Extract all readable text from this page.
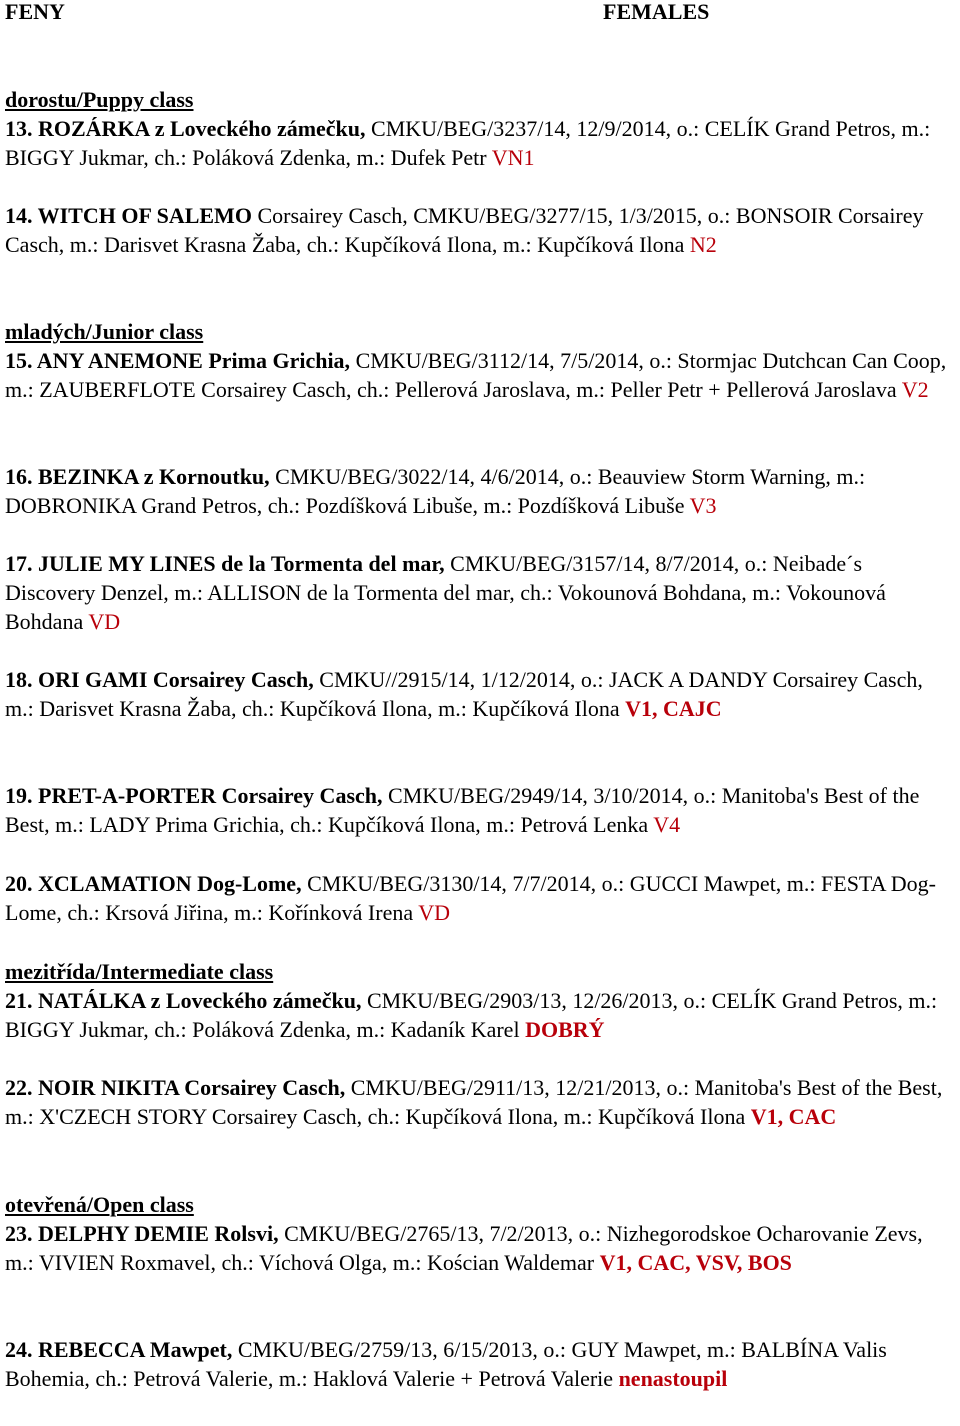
FENY	FEMALES
dorostu/Puppy class
13. ROZÁRKA z Loveckého zámečku, CMKU/BEG/3237/14, 12/9/2014, o.: CELÍK Grand Petros, m.: BIGGY Jukmar, ch.: Poláková Zdenka, m.: Dufek Petr VN1
14. WITCH OF SALEMO Corsairey Casch, CMKU/BEG/3277/15, 1/3/2015, o.: BONSOIR Corsairey Casch, m.: Darisvet Krasna Žaba, ch.: Kupčíková Ilona, m.: Kupčíková Ilona N2
mladých/Junior class
15. ANY ANEMONE Prima Grichia, CMKU/BEG/3112/14, 7/5/2014, o.: Stormjac Dutchcan Can Coop, m.: ZAUBERFLOTE Corsairey Casch, ch.: Pellerová Jaroslava, m.: Peller Petr + Pellerová Jaroslava V2
16. BEZINKA z Kornoutku, CMKU/BEG/3022/14, 4/6/2014, o.: Beauview Storm Warning, m.: DOBRONIKA Grand Petros, ch.: Pozdíšková Libuše, m.: Pozdíšková Libuše V3
17. JULIE MY LINES de la Tormenta del mar, CMKU/BEG/3157/14, 8/7/2014, o.: Neibade´s Discovery Denzel, m.: ALLISON de la Tormenta del mar, ch.: Vokounová Bohdana, m.: Vokounová Bohdana VD
18. ORI GAMI Corsairey Casch, CMKU//2915/14, 1/12/2014, o.: JACK A DANDY Corsairey Casch, m.: Darisvet Krasna Žaba, ch.: Kupčíková Ilona, m.: Kupčíková Ilona V1, CAJC
19. PRET-A-PORTER Corsairey Casch, CMKU/BEG/2949/14, 3/10/2014, o.: Manitoba's Best of the Best, m.: LADY Prima Grichia, ch.: Kupčíková Ilona, m.: Petrová Lenka V4
20. XCLAMATION Dog-Lome, CMKU/BEG/3130/14, 7/7/2014, o.: GUCCI Mawpet, m.: FESTA Dog-Lome, ch.: Krsová Jiřina, m.: Kořínková Irena VD
mezitřída/Intermediate class
21. NATÁLKA z Loveckého zámečku, CMKU/BEG/2903/13, 12/26/2013, o.: CELÍK Grand Petros, m.: BIGGY Jukmar, ch.: Poláková Zdenka, m.: Kadaník Karel DOBRÝ
22. NOIR NIKITA Corsairey Casch, CMKU/BEG/2911/13, 12/21/2013, o.: Manitoba's Best of the Best, m.: X'CZECH STORY Corsairey Casch, ch.: Kupčíková Ilona, m.: Kupčíková Ilona V1, CAC
otevřená/Open class
23. DELPHY DEMIE Rolsvi, CMKU/BEG/2765/13, 7/2/2013, o.: Nizhegorodskoe Ocharovanie Zevs, m.: VIVIEN Roxmavel, ch.: Víchová Olga, m.: Kościan Waldemar V1, CAC, VSV, BOS
24. REBECCA Mawpet, CMKU/BEG/2759/13, 6/15/2013, o.: GUY Mawpet, m.: BALBÍNA Valis Bohemia, ch.: Petrová Valerie, m.: Haklová Valerie + Petrová Valerie nenastoupil
